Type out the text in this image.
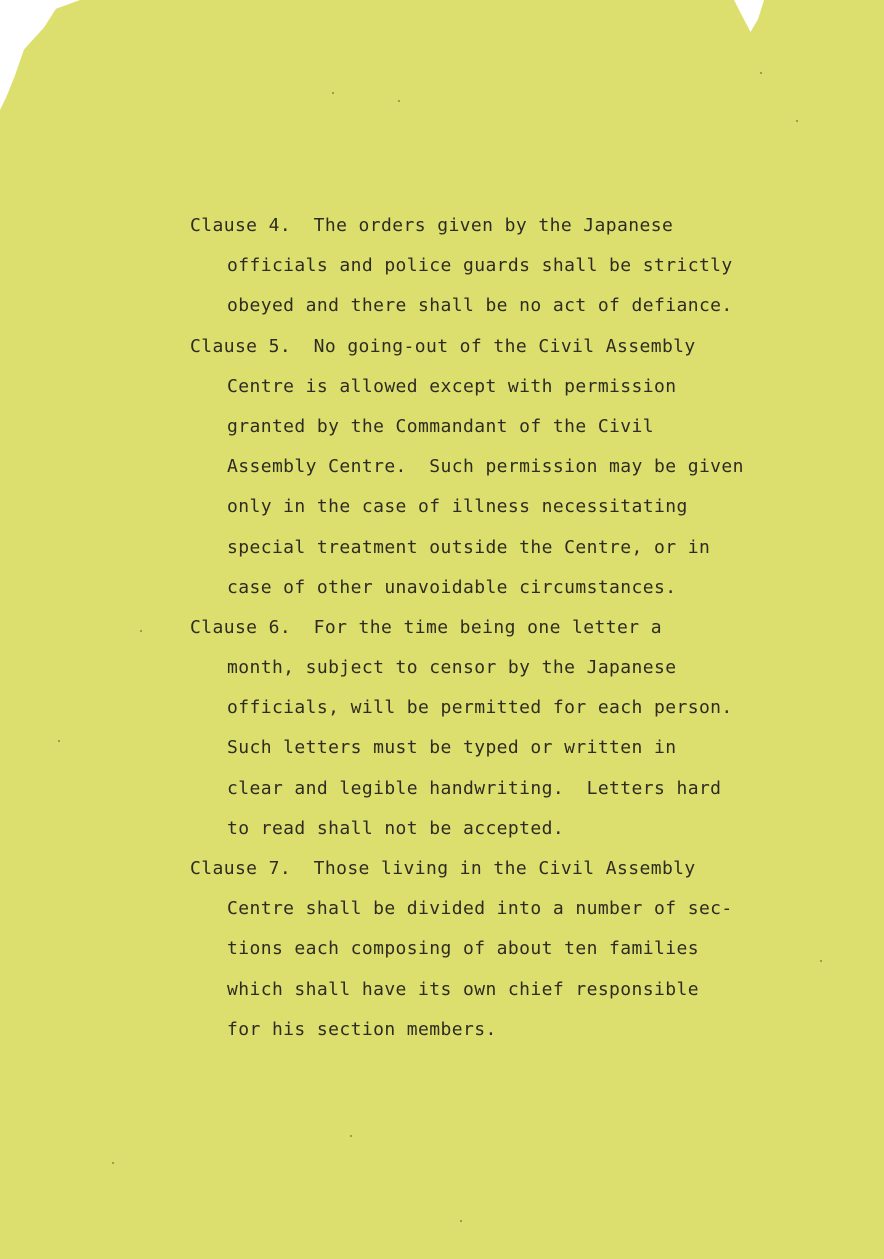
Clause 4.  The orders given by the Japanese
officials and police guards shall be strictly
obeyed and there shall be no act of defiance.
Clause 5.  No going-out of the Civil Assembly
Centre is allowed except with permission
granted by the Commandant of the Civil
Assembly Centre.  Such permission may be given
only in the case of illness necessitating
special treatment outside the Centre, or in
case of other unavoidable circumstances.
Clause 6.  For the time being one letter a
month, subject to censor by the Japanese
officials, will be permitted for each person.
Such letters must be typed or written in
clear and legible handwriting.  Letters hard
to read shall not be accepted.
Clause 7.  Those living in the Civil Assembly
Centre shall be divided into a number of sec-
tions each composing of about ten families
which shall have its own chief responsible
for his section members.
